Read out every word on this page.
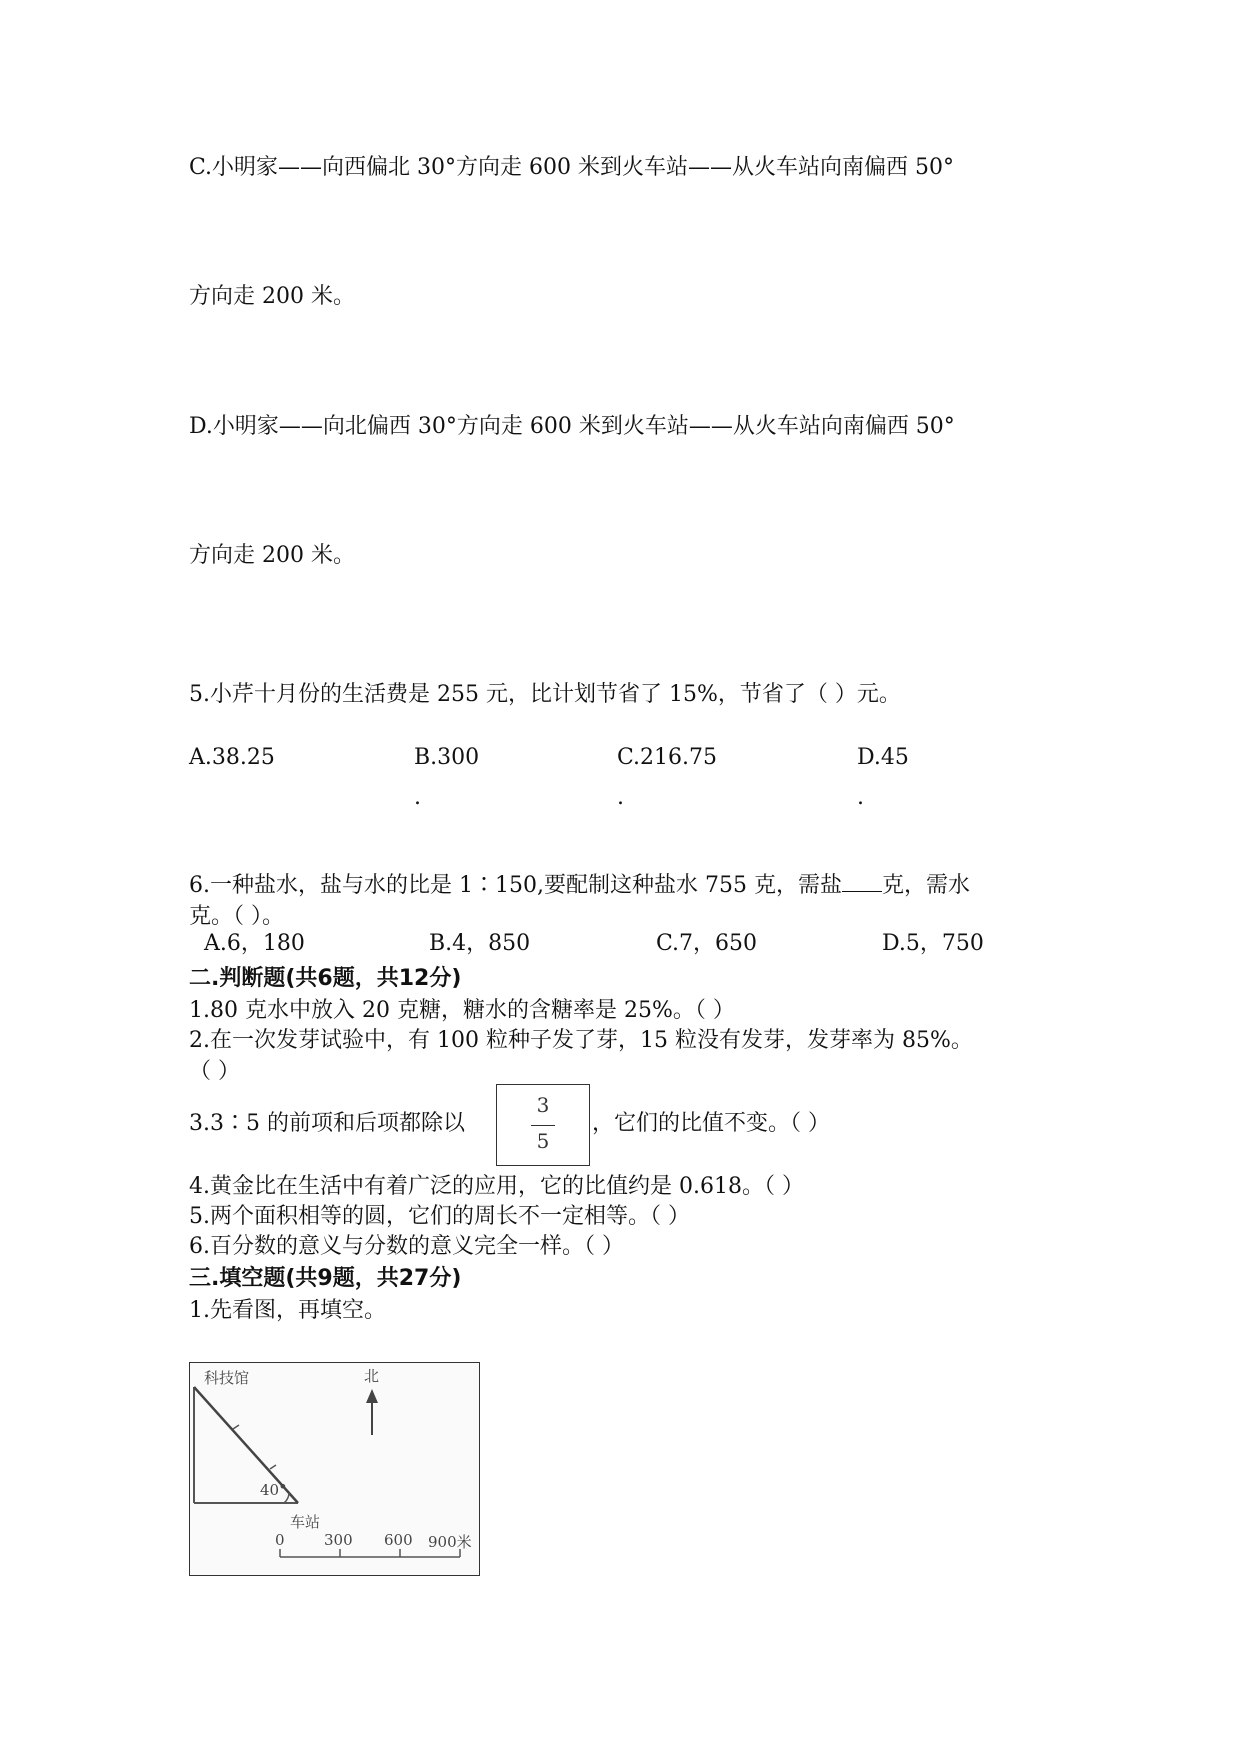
C.小明家——向西偏北 30°方向走 600 米到火车站——从火车站向南偏西 50°
方向走 200 米。
D.小明家——向北偏西 30°方向走 600 米到火车站——从火车站向南偏西 50°
方向走 200 米。
5.小芹十月份的生活费是 255 元，比计划节省了 15%，节省了（ ）元。
A.38.25	B.300	C.216.75	D.45
.	.	.
6.一种盐水，盐与水的比是 1∶150,要配制这种盐水 755 克，需盐 克，需水
克。（ ）。
A.6，180	B.4，850	C.7，650	D.5，750
二.判断题(共6题，共12分)
1.80 克水中放入 20 克糖，糖水的含糖率是 25%。（ ）
2.在一次发芽试验中，有 100 粒种子发了芽，15 粒没有发芽，发芽率为 85%。
（ ）
3.3∶5 的前项和后项都除以
3
5
，它们的比值不变。（ ）
4.黄金比在生活中有着广泛的应用，它的比值约是 0.618。（ ）
5.两个面积相等的圆，它们的周长不一定相等。（ ）
6.百分数的意义与分数的意义完全一样。（ ）
三.填空题(共9题，共27分)
1.先看图，再填空。
科技馆	北
40°
车站
0	300 600 900米
